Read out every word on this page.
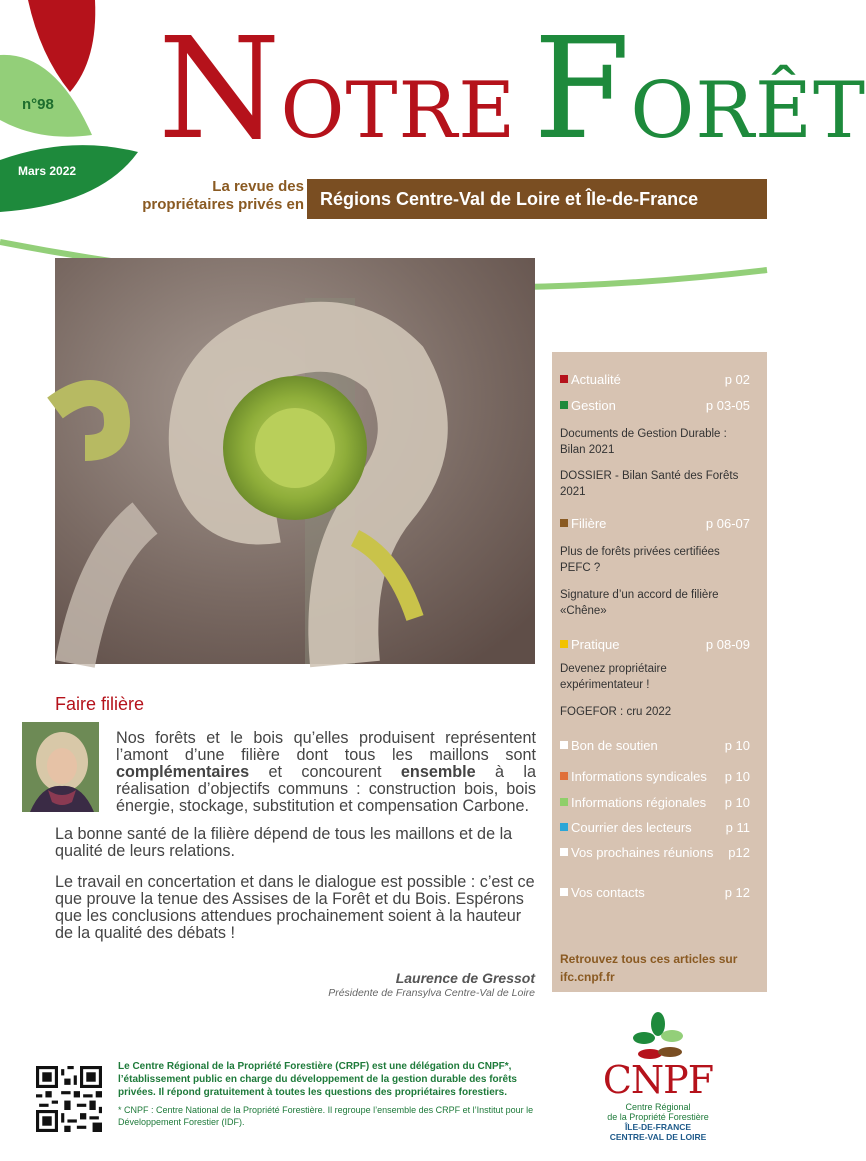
n°98
Mars 2022 NOTRE FORÊT
La revue des
propriétaires privés en Régions Centre-Val de Loire et Île-de-France
Actualité	p 02
Gestion	p 03-05
Documents de Gestion Durable : Bilan 2021
DOSSIER - Bilan Santé des Forêts 2021
Filière	p 06-07
Plus de forêts privées certifiées PEFC ?
Signature d’un accord de filière «Chêne»
Pratique	p 08-09
Devenez propriétaire expérimentateur !
FOGEFOR : cru 2022
Bon de soutien	p 10
Informations syndicales p 10
Informations régionales p 10
Courrier des lecteurs	p 11
Vos prochaines réunions p12
Vos contacts	p 12
Retrouvez tous ces articles sur
ifc.cnpf.fr
Faire filière
Nos forêts et le bois qu’elles produisent représentent l’amont d’une filière dont tous les maillons sont complémentaires et concourent ensemble à la réalisation d’objectifs communs : construction bois, bois énergie, stockage, substitution et compensation Carbone.
La bonne santé de la filière dépend de tous les maillons et de la qualité de leurs relations.
Le travail en concertation et dans le dialogue est possible : c’est ce que prouve la tenue des Assises de la Forêt et du Bois. Espérons que les conclusions attendues prochainement soient à la hauteur de la qualité des débats !
Laurence de Gressot
Présidente de Fransylva Centre-Val de Loire
Le Centre Régional de la Propriété Forestière (CRPF) est une délégation du CNPF*, l’établissement public en charge du développement de la gestion durable des forêts privées. Il répond gratuitement à toutes les questions des propriétaires forestiers.
* CNPF : Centre National de la Propriété Forestière. Il regroupe l’ensemble des CRPF et l’Institut pour le Développement Forestier (IDF).
CNPF
Centre Régional
de la Propriété Forestière
ÎLE-DE-FRANCE
CENTRE-VAL DE LOIRE
